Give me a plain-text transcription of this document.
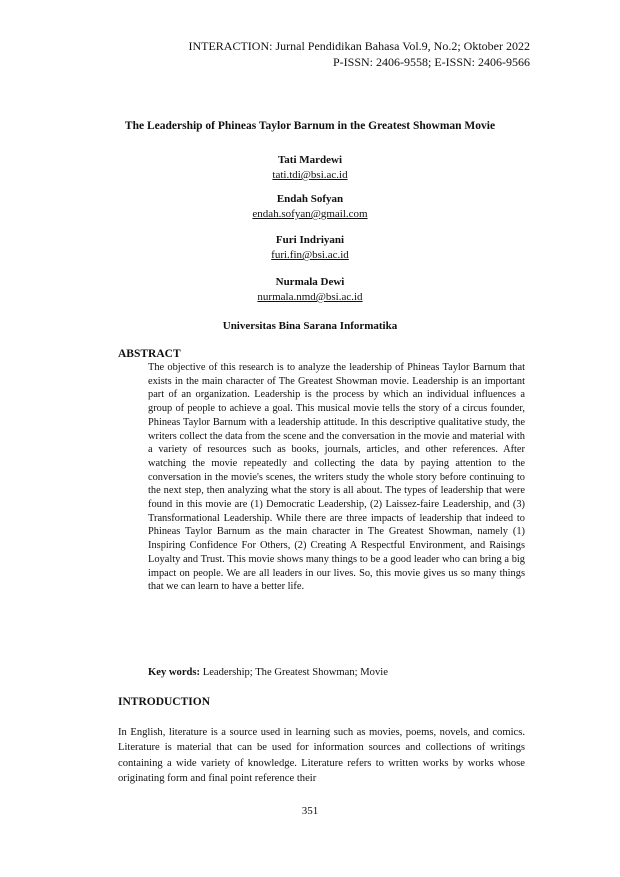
INTERACTION: Jurnal Pendidikan Bahasa Vol.9, No.2; Oktober 2022
P-ISSN: 2406-9558; E-ISSN: 2406-9566
The Leadership of Phineas Taylor Barnum in the Greatest Showman Movie
Tati Mardewi
tati.tdi@bsi.ac.id
Endah Sofyan
endah.sofyan@gmail.com
Furi Indriyani
furi.fin@bsi.ac.id
Nurmala Dewi
nurmala.nmd@bsi.ac.id
Universitas Bina Sarana Informatika
ABSTRACT
The objective of this research is to analyze the leadership of Phineas Taylor Barnum that exists in the main character of The Greatest Showman movie. Leadership is an important part of an organization. Leadership is the process by which an individual influences a group of people to achieve a goal. This musical movie tells the story of a circus founder, Phineas Taylor Barnum with a leadership attitude. In this descriptive qualitative study, the writers collect the data from the scene and the conversation in the movie and material with a variety of resources such as books, journals, articles, and other references. After watching the movie repeatedly and collecting the data by paying attention to the conversation in the movie's scenes, the writers study the whole story before continuing to the next step, then analyzing what the story is all about. The types of leadership that were found in this movie are (1) Democratic Leadership, (2) Laissez-faire Leadership, and (3) Transformational Leadership. While there are three impacts of leadership that indeed to Phineas Taylor Barnum as the main character in The Greatest Showman, namely (1) Inspiring Confidence For Others, (2) Creating A Respectful Environment, and Raisings Loyalty and Trust. This movie shows many things to be a good leader who can bring a big impact on people. We are all leaders in our lives. So, this movie gives us so many things that we can learn to have a better life.
Key words: Leadership; The Greatest Showman; Movie
INTRODUCTION
In English, literature is a source used in learning such as movies, poems, novels, and comics. Literature is material that can be used for information sources and collections of writings containing a wide variety of knowledge. Literature refers to written works by works whose originating form and final point reference their
351
